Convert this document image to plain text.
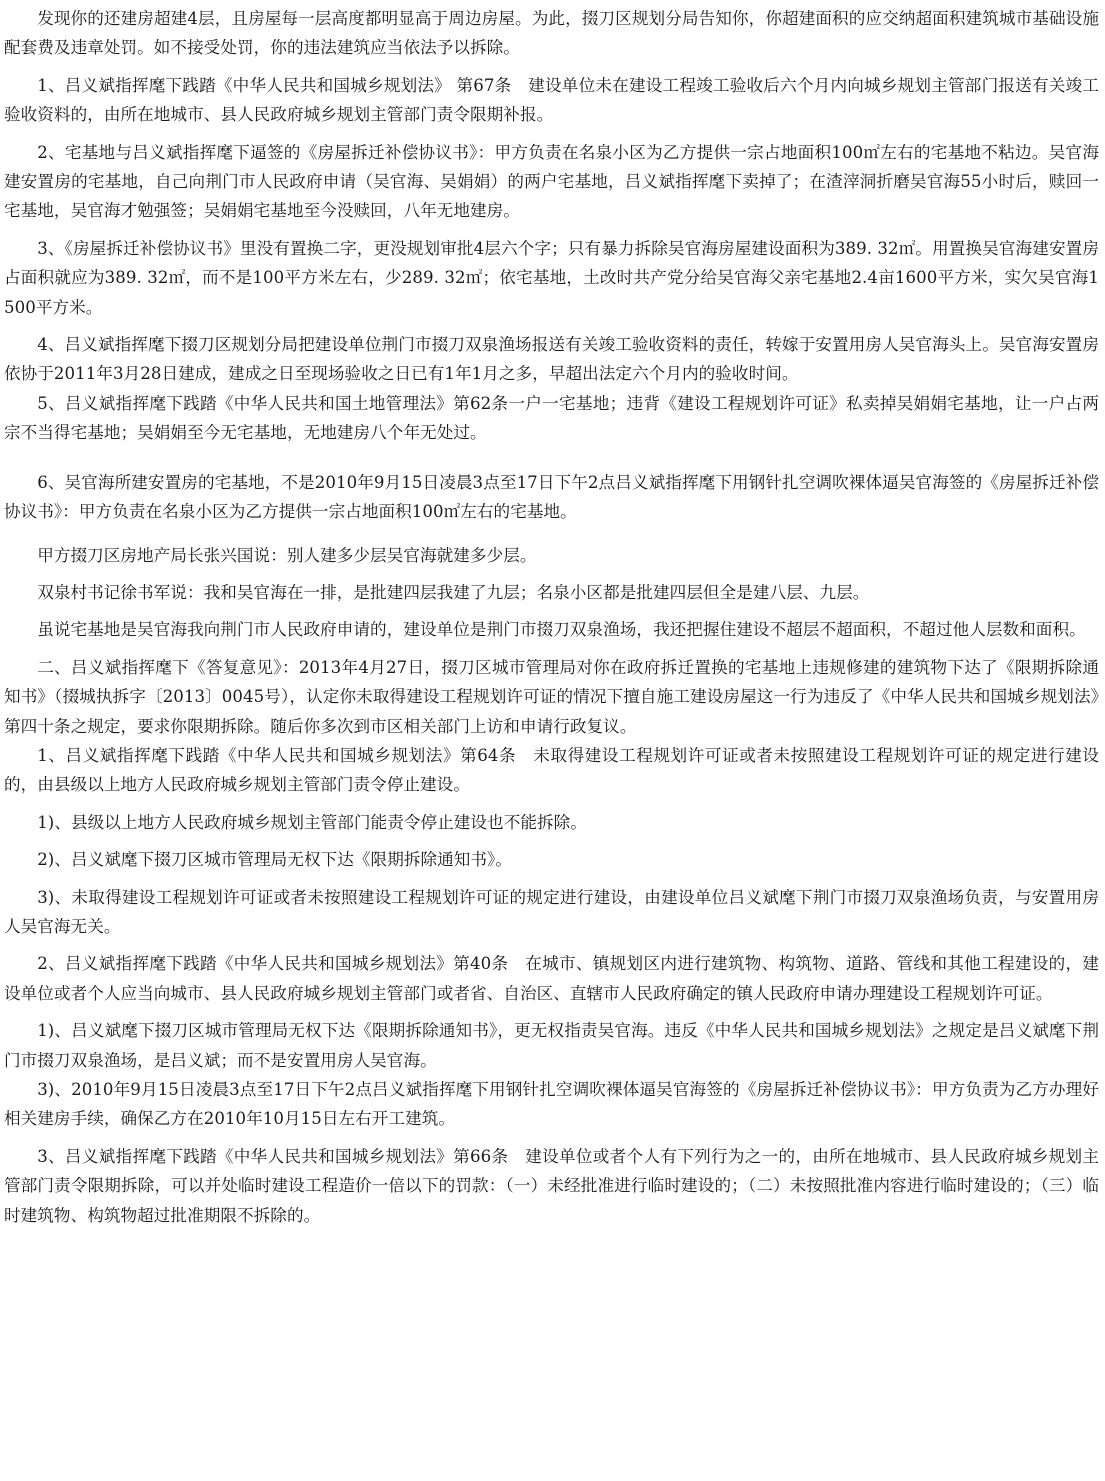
发现你的还建房超建4层，且房屋每一层高度都明显高于周边房屋。为此，掇刀区规划分局告知你，你超建面积的应交纳超面积建筑城市基础设施配套费及违章处罚。如不接受处罚，你的违法建筑应当依法予以拆除。

1、吕义斌指挥麾下践踏《中华人民共和国城乡规划法》 第67条　建设单位未在建设工程竣工验收后六个月内向城乡规划主管部门报送有关竣工验收资料的，由所在地城市、县人民政府城乡规划主管部门责令限期补报。

2、宅基地与吕义斌指挥麾下逼签的《房屋拆迁补偿协议书》：甲方负责在名泉小区为乙方提供一宗占地面积100㎡左右的宅基地不粘边。吴官海建安置房的宅基地，自己向荆门市人民政府申请（吴官海、吴娟娟）的两户宅基地，吕义斌指挥麾下卖掉了；在渣滓洞折磨吴官海55小时后，赎回一宅基地，吴官海才勉强签；吴娟娟宅基地至今没赎回，八年无地建房。

3、《房屋拆迁补偿协议书》里没有置换二字，更没规划审批4层六个字；只有暴力拆除吴官海房屋建设面积为389. 32㎡。用置换吴官海建安置房占面积就应为389. 32㎡，而不是100平方米左右，少289. 32㎡；依宅基地，土改时共产党分给吴官海父亲宅基地2.4亩1600平方米，实欠吴官海1500平方米。

4、吕义斌指挥麾下掇刀区规划分局把建设单位荆门市掇刀双泉渔场报送有关竣工验收资料的责任，转嫁于安置用房人吴官海头上。吴官海安置房依协于2011年3月28日建成，建成之日至现场验收之日已有1年1月之多，早超出法定六个月内的验收时间。

5、吕义斌指挥麾下践踏《中华人民共和国土地管理法》第62条一户一宅基地；违背《建设工程规划许可证》私卖掉吴娟娟宅基地，让一户占两宗不当得宅基地；吴娟娟至今无宅基地，无地建房八个年无处过。

6、吴官海所建安置房的宅基地，不是2010年9月15日凌晨3点至17日下午2点吕义斌指挥麾下用钢针扎空调吹裸体逼吴官海签的《房屋拆迁补偿协议书》：甲方负责在名泉小区为乙方提供一宗占地面积100㎡左右的宅基地。

甲方掇刀区房地产局长张兴国说：别人建多少层吴官海就建多少层。

双泉村书记徐书军说：我和吴官海在一排，是批建四层我建了九层；名泉小区都是批建四层但全是建八层、九层。

虽说宅基地是吴官海我向荆门市人民政府申请的，建设单位是荆门市掇刀双泉渔场，我还把握住建设不超层不超面积，不超过他人层数和面积。

二、吕义斌指挥麾下《答复意见》：2013年4月27日，掇刀区城市管理局对你在政府拆迁置换的宅基地上违规修建的建筑物下达了《限期拆除通知书》（掇城执拆字〔2013〕0045号），认定你未取得建设工程规划许可证的情况下擅自施工建设房屋这一行为违反了《中华人民共和国城乡规划法》第四十条之规定，要求你限期拆除。随后你多次到市区相关部门上访和申请行政复议。

1、吕义斌指挥麾下践踏《中华人民共和国城乡规划法》第64条　未取得建设工程规划许可证或者未按照建设工程规划许可证的规定进行建设的，由县级以上地方人民政府城乡规划主管部门责令停止建设。

1)、县级以上地方人民政府城乡规划主管部门能责令停止建设也不能拆除。

2)、吕义斌麾下掇刀区城市管理局无权下达《限期拆除通知书》。

3)、未取得建设工程规划许可证或者未按照建设工程规划许可证的规定进行建设，由建设单位吕义斌麾下荆门市掇刀双泉渔场负责，与安置用房人吴官海无关。

2、吕义斌指挥麾下践踏《中华人民共和国城乡规划法》第40条　在城市、镇规划区内进行建筑物、构筑物、道路、管线和其他工程建设的，建设单位或者个人应当向城市、县人民政府城乡规划主管部门或者省、自治区、直辖市人民政府确定的镇人民政府申请办理建设工程规划许可证。

1)、吕义斌麾下掇刀区城市管理局无权下达《限期拆除通知书》，更无权指责吴官海。违反《中华人民共和国城乡规划法》之规定是吕义斌麾下荆门市掇刀双泉渔场，是吕义斌；而不是安置用房人吴官海。

3)、2010年9月15日凌晨3点至17日下午2点吕义斌指挥麾下用钢针扎空调吹裸体逼吴官海签的《房屋拆迁补偿协议书》：甲方负责为乙方办理好相关建房手续，确保乙方在2010年10月15日左右开工建筑。

3、吕义斌指挥麾下践踏《中华人民共和国城乡规划法》第66条　建设单位或者个人有下列行为之一的，由所在地城市、县人民政府城乡规划主管部门责令限期拆除，可以并处临时建设工程造价一倍以下的罚款：（一）未经批准进行临时建设的；（二）未按照批准内容进行临时建设的；（三）临时建筑物、构筑物超过批准期限不拆除的。
